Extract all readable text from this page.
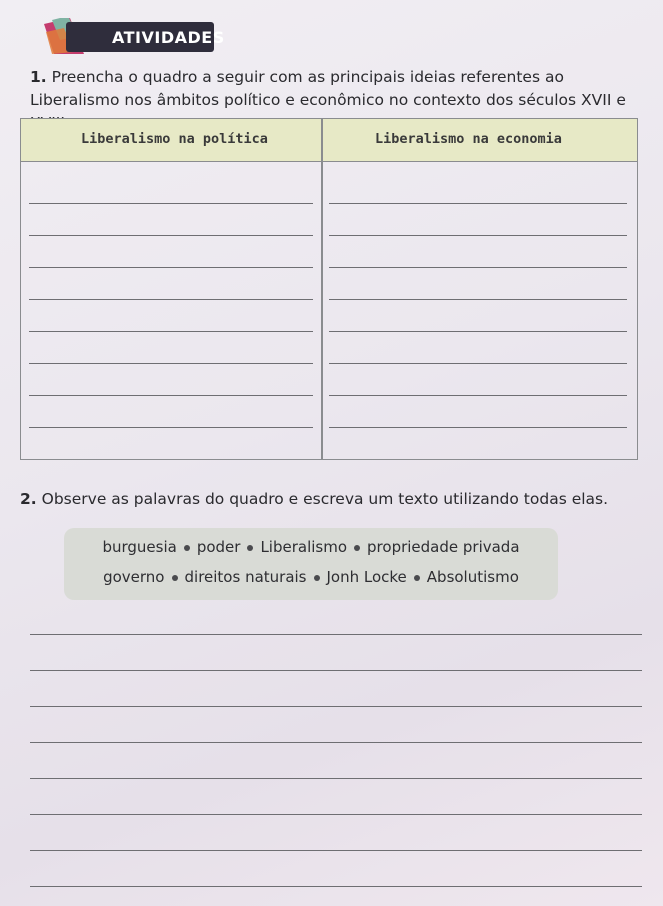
ATIVIDADES
1. Preencha o quadro a seguir com as principais ideias referentes ao Liberalismo nos âmbitos político e econômico no contexto dos séculos XVII e
Liberalismo na política	Liberalismo na economia
2. Observe as palavras do quadro e escreva um texto utilizando todas elas.
burguesia poder Liberalismo propriedade privada
governo direitos naturais Jonh Locke Absolutismo
